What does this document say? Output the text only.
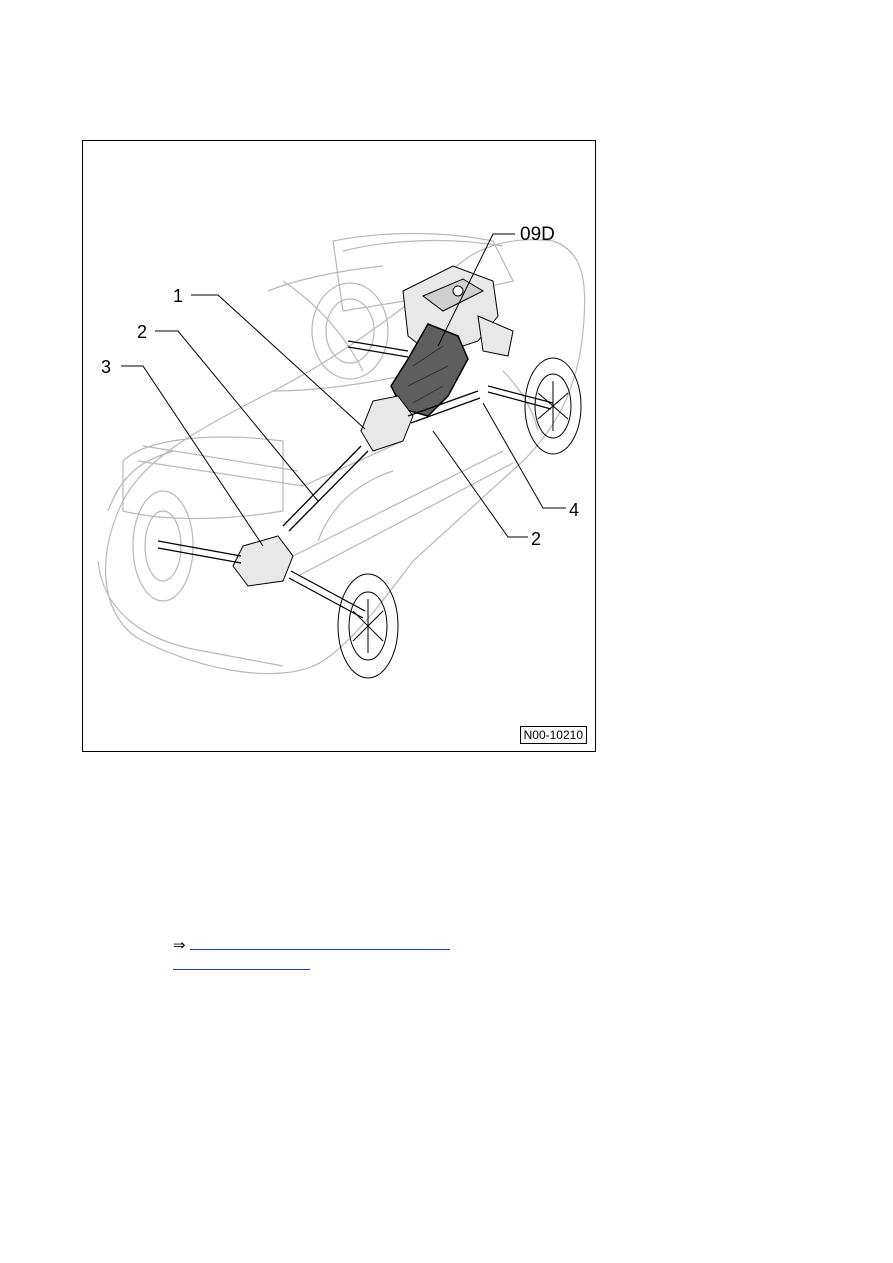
09D
1
2
3
4
2
N00-10210
⇒
